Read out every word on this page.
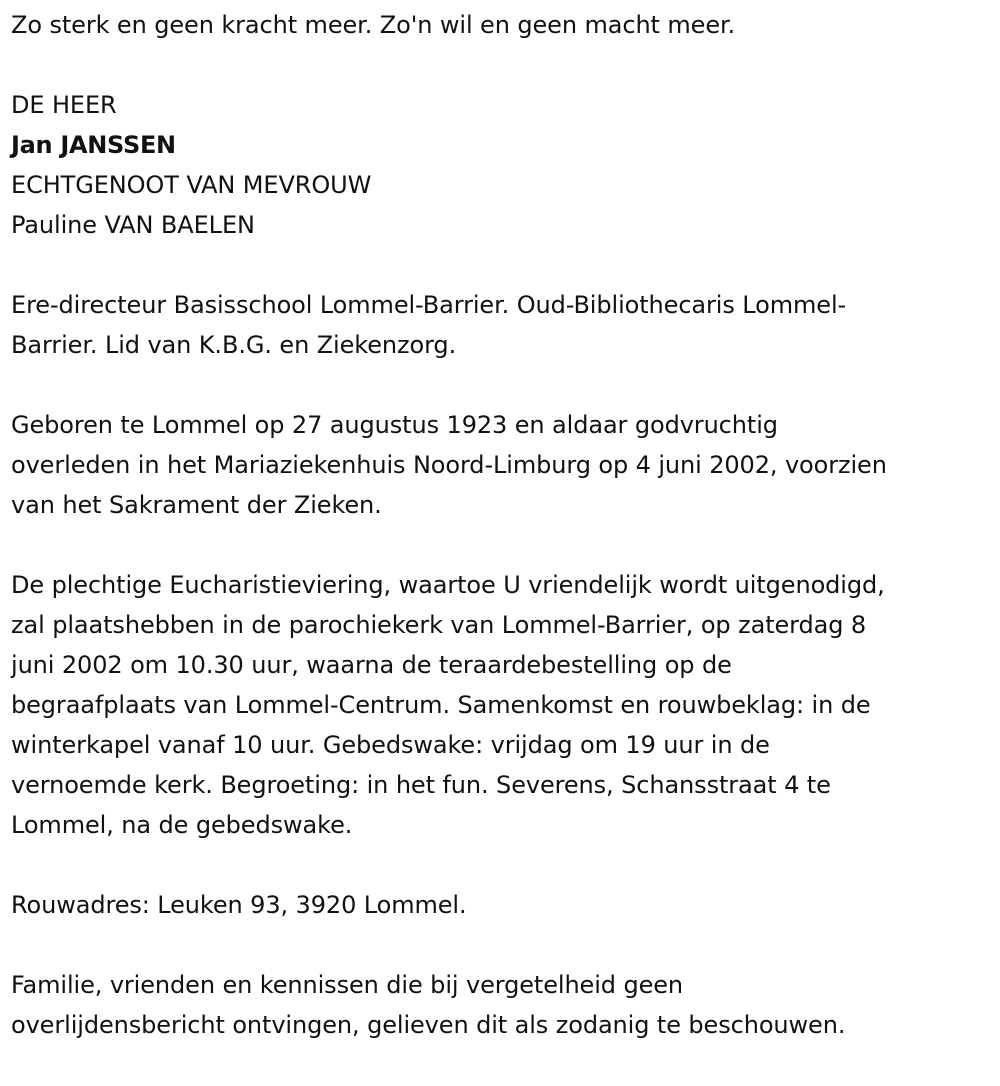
Zo sterk en geen kracht meer. Zo'n wil en geen macht meer.
DE HEER
Jan JANSSEN
ECHTGENOOT VAN MEVROUW
Pauline VAN BAELEN
Ere-directeur Basisschool Lommel-Barrier. Oud-Bibliothecaris Lommel-
Barrier. Lid van K.B.G. en Ziekenzorg.
Geboren te Lommel op 27 augustus 1923 en aldaar godvruchtig
overleden in het Mariaziekenhuis Noord-Limburg op 4 juni 2002, voorzien
van het Sakrament der Zieken.
De plechtige Eucharistieviering, waartoe U vriendelijk wordt uitgenodigd,
zal plaatshebben in de parochiekerk van Lommel-Barrier, op zaterdag 8
juni 2002 om 10.30 uur, waarna de teraardebestelling op de
begraafplaats van Lommel-Centrum. Samenkomst en rouwbeklag: in de
winterkapel vanaf 10 uur. Gebedswake: vrijdag om 19 uur in de
vernoemde kerk. Begroeting: in het fun. Severens, Schansstraat 4 te
Lommel, na de gebedswake.
Rouwadres: Leuken 93, 3920 Lommel.
Familie, vrienden en kennissen die bij vergetelheid geen
overlijdensbericht ontvingen, gelieven dit als zodanig te beschouwen.
